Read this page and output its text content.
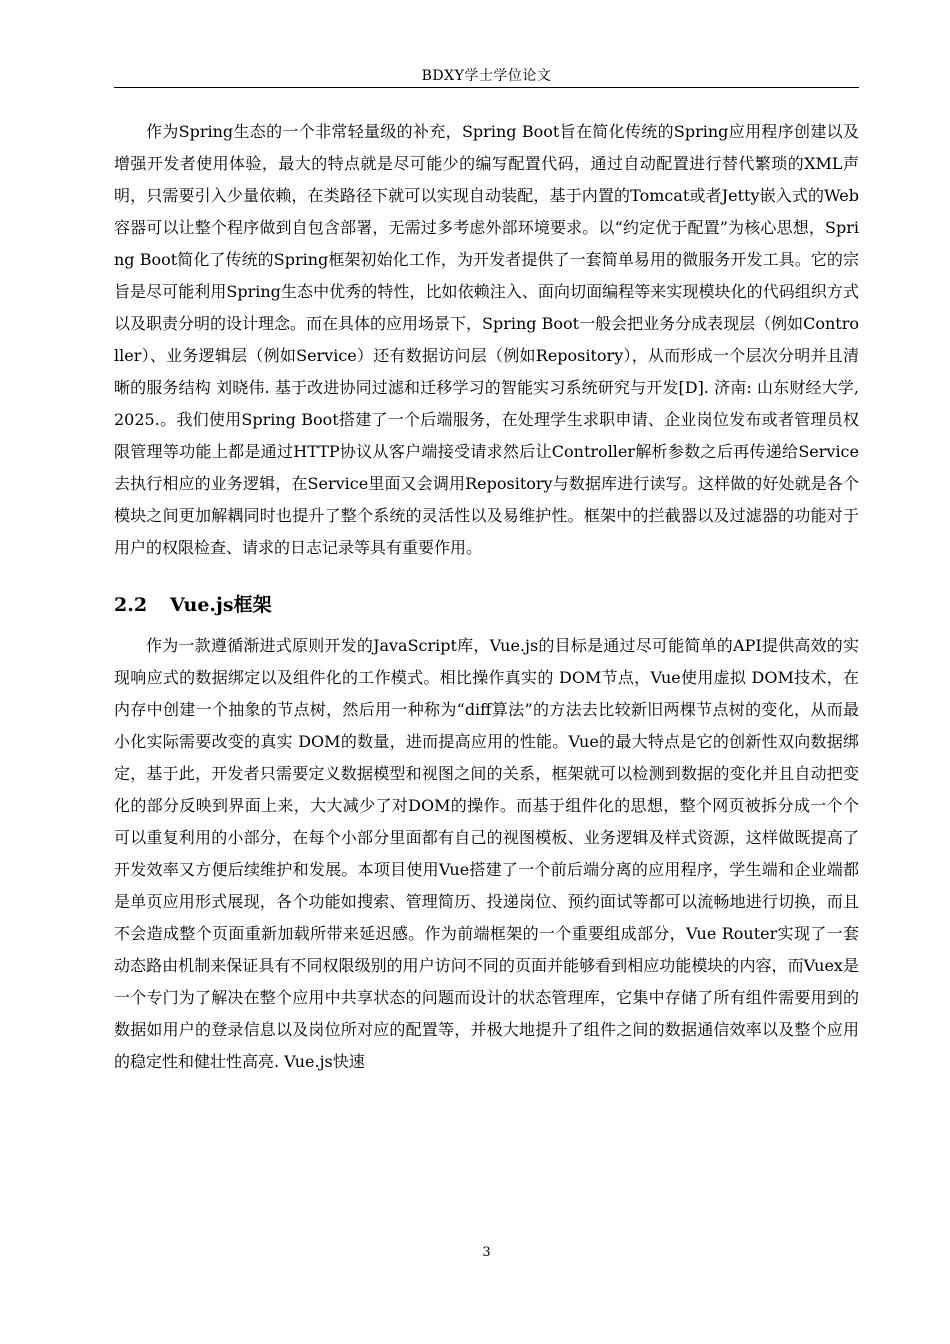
BDXY学士学位论文

作为Spring生态的一个非常轻量级的补充，Spring Boot旨在简化传统的Spring应用程序创建以及增强开发者使用体验，最大的特点就是尽可能少的编写配置代码，通过自动配置进行替代繁琐的XML声明，只需要引入少量依赖，在类路径下就可以实现自动装配，基于内置的Tomcat或者Jetty嵌入式的Web容器可以让整个程序做到自包含部署，无需过多考虑外部环境要求。以“约定优于配置”为核心思想，Spring Boot简化了传统的Spring框架初始化工作，为开发者提供了一套简单易用的微服务开发工具。它的宗旨是尽可能利用Spring生态中优秀的特性，比如依赖注入、面向切面编程等来实现模块化的代码组织方式以及职责分明的设计理念。而在具体的应用场景下，Spring Boot一般会把业务分成表现层（例如Controller）、业务逻辑层（例如Service）还有数据访问层（例如Repository），从而形成一个层次分明并且清晰的服务结构 刘晓伟. 基于改进协同过滤和迁移学习的智能实习系统研究与开发[D]. 济南: 山东财经大学, 2025.。我们使用Spring Boot搭建了一个后端服务，在处理学生求职申请、企业岗位发布或者管理员权限管理等功能上都是通过HTTP协议从客户端接受请求然后让Controller解析参数之后再传递给Service去执行相应的业务逻辑，在Service里面又会调用Repository与数据库进行读写。这样做的好处就是各个模块之间更加解耦同时也提升了整个系统的灵活性以及易维护性。框架中的拦截器以及过滤器的功能对于用户的权限检查、请求的日志记录等具有重要作用。

2.2 Vue.js框架

作为一款遵循渐进式原则开发的JavaScript库，Vue.js的目标是通过尽可能简单的API提供高效的实现响应式的数据绑定以及组件化的工作模式。相比操作真实的 DOM节点，Vue使用虚拟 DOM技术，在内存中创建一个抽象的节点树，然后用一种称为“diff算法”的方法去比较新旧两棵节点树的变化，从而最小化实际需要改变的真实 DOM的数量，进而提高应用的性能。Vue的最大特点是它的创新性双向数据绑定，基于此，开发者只需要定义数据模型和视图之间的关系，框架就可以检测到数据的变化并且自动把变化的部分反映到界面上来，大大减少了对DOM的操作。而基于组件化的思想，整个网页被拆分成一个个可以重复利用的小部分，在每个小部分里面都有自己的视图模板、业务逻辑及样式资源，这样做既提高了开发效率又方便后续维护和发展。本项目使用Vue搭建了一个前后端分离的应用程序，学生端和企业端都是单页应用形式展现，各个功能如搜索、管理简历、投递岗位、预约面试等都可以流畅地进行切换，而且不会造成整个页面重新加载所带来延迟感。作为前端框架的一个重要组成部分，Vue Router实现了一套动态路由机制来保证具有不同权限级别的用户访问不同的页面并能够看到相应功能模块的内容，而Vuex是一个专门为了解决在整个应用中共享状态的问题而设计的状态管理库，它集中存储了所有组件需要用到的数据如用户的登录信息以及岗位所对应的配置等，并极大地提升了组件之间的数据通信效率以及整个应用的稳定性和健壮性高亮. Vue.js快速

3
